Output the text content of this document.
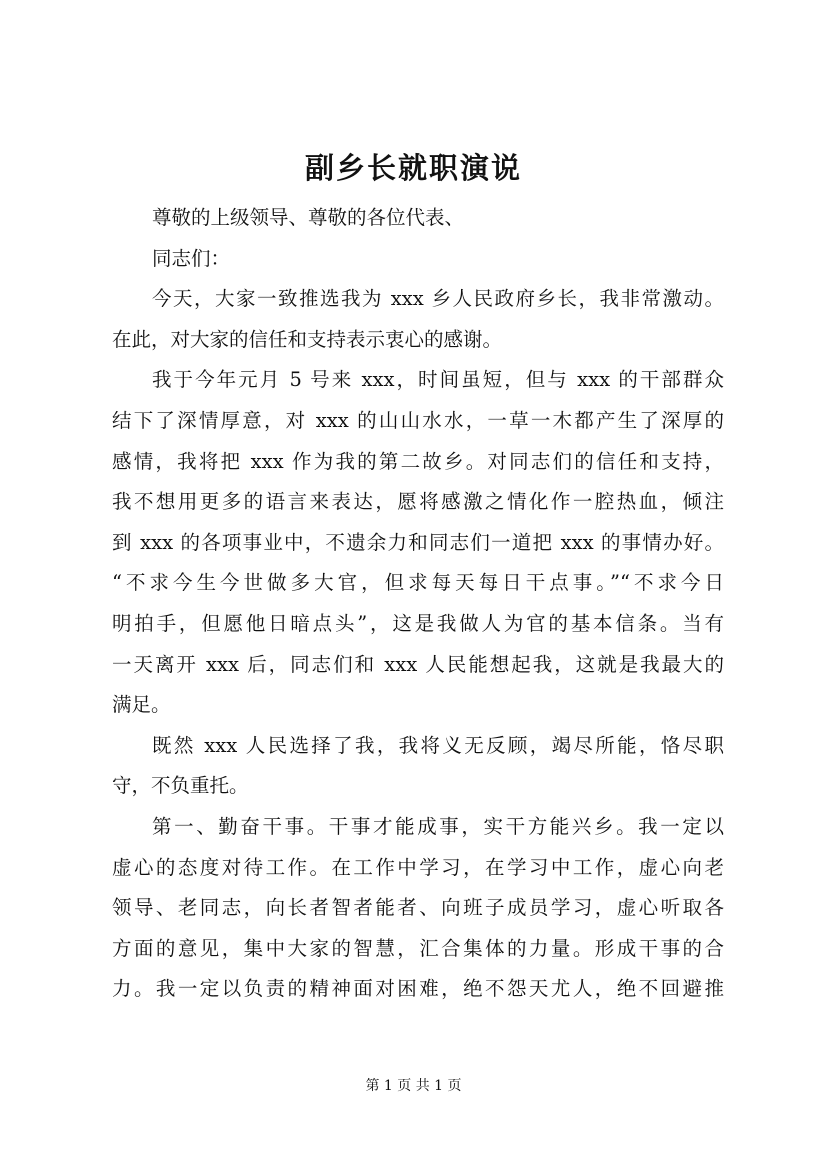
副乡长就职演说
尊敬的上级领导、尊敬的各位代表、
同志们：
今天，大家一致推选我为 xxx 乡人民政府乡长，我非常激动。
在此，对大家的信任和支持表示衷心的感谢。
我于今年元月 5 号来 xxx，时间虽短，但与 xxx 的干部群众
结下了深情厚意，对 xxx 的山山水水，一草一木都产生了深厚的
感情，我将把 xxx 作为我的第二故乡。对同志们的信任和支持，
我不想用更多的语言来表达，愿将感激之情化作一腔热血，倾注
到 xxx 的各项事业中，不遗余力和同志们一道把 xxx 的事情办好。
“不求今生今世做多大官，但求每天每日干点事。”“不求今日
明拍手，但愿他日暗点头”，这是我做人为官的基本信条。当有
一天离开 xxx 后，同志们和 xxx 人民能想起我，这就是我最大的
满足。
既然 xxx 人民选择了我，我将义无反顾，竭尽所能，恪尽职
守，不负重托。
第一、勤奋干事。干事才能成事，实干方能兴乡。我一定以
虚心的态度对待工作。在工作中学习，在学习中工作，虚心向老
领导、老同志，向长者智者能者、向班子成员学习，虚心听取各
方面的意见，集中大家的智慧，汇合集体的力量。形成干事的合
力。我一定以负责的精神面对困难，绝不怨天尤人，绝不回避推
第 1 页 共 1 页
